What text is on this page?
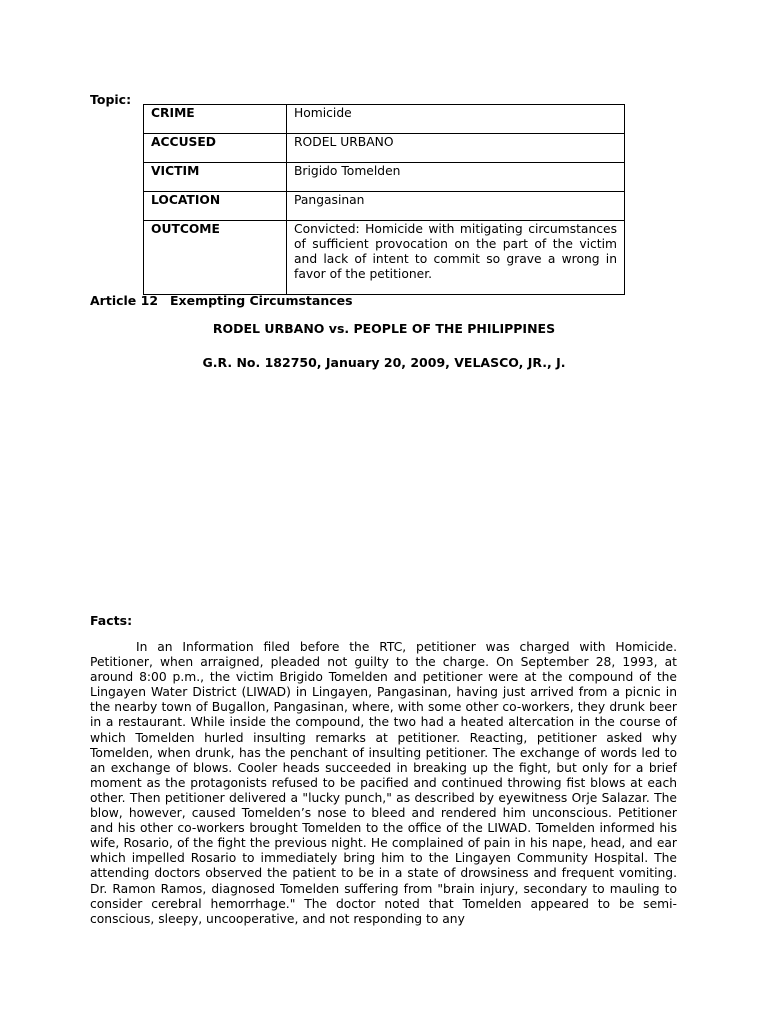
Topic:
CRIME	Homicide
ACCUSED	RODEL URBANO
VICTIM	Brigido Tomelden
LOCATION	Pangasinan
OUTCOME	Convicted: Homicide with mitigating circumstances of sufficient provocation on the part of the victim and lack of intent to commit so grave a wrong in favor of the petitioner.
Article 12 Exempting Circumstances
RODEL URBANO vs. PEOPLE OF THE PHILIPPINES
G.R. No. 182750, January 20, 2009, VELASCO, JR., J.
Facts:

In an Information filed before the RTC, petitioner was charged with Homicide. Petitioner, when arraigned, pleaded not guilty to the charge. On September 28, 1993, at around 8:00 p.m., the victim Brigido Tomelden and petitioner were at the compound of the Lingayen Water District (LIWAD) in Lingayen, Pangasinan, having just arrived from a picnic in the nearby town of Bugallon, Pangasinan, where, with some other co-workers, they drunk beer in a restaurant. While inside the compound, the two had a heated altercation in the course of which Tomelden hurled insulting remarks at petitioner. Reacting, petitioner asked why Tomelden, when drunk, has the penchant of insulting petitioner. The exchange of words led to an exchange of blows. Cooler heads succeeded in breaking up the fight, but only for a brief moment as the protagonists refused to be pacified and continued throwing fist blows at each other. Then petitioner delivered a "lucky punch," as described by eyewitness Orje Salazar. The blow, however, caused Tomelden’s nose to bleed and rendered him unconscious. Petitioner and his other co-workers brought Tomelden to the office of the LIWAD. Tomelden informed his wife, Rosario, of the fight the previous night. He complained of pain in his nape, head, and ear which impelled Rosario to immediately bring him to the Lingayen Community Hospital. The attending doctors observed the patient to be in a state of drowsiness and frequent vomiting. Dr. Ramon Ramos, diagnosed Tomelden suffering from "brain injury, secondary to mauling to consider cerebral hemorrhage." The doctor noted that Tomelden appeared to be semi-conscious, sleepy, uncooperative, and not responding to any
